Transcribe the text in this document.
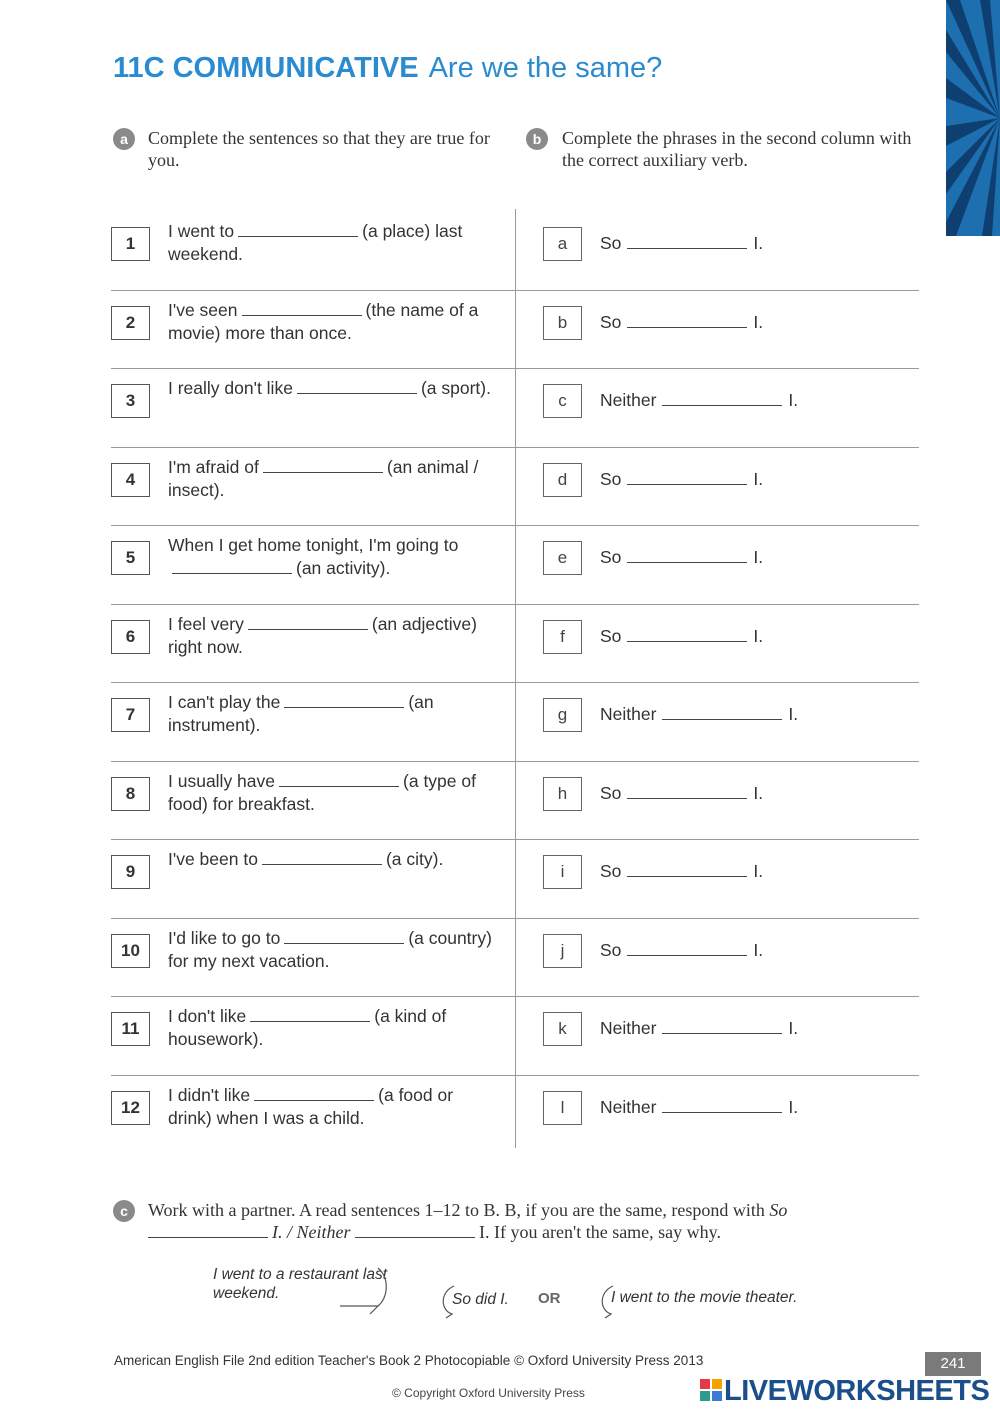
11C COMMUNICATIVE Are we the same?
a	Complete the sentences so that they are true for you.
b	Complete the phrases in the second column with the correct auxiliary verb.
1
I went to	(a place) last weekend.
a	So	I.
2
I've seen	(the name of a movie) more than once.
b	So	I.
3
I really don't like	(a sport).
c	Neither	I.
4
I'm afraid of	(an animal / insect).
d	So	I.
5
When I get home tonight, I'm going to(an activity).
e	So	I.
6
I feel very	(an adjective) right now.
f	So	I.
7
I can't play the	(an instrument).
g	Neither	I.
8
I usually have	(a type of food) for breakfast.
h	So	I.
9
I've been to	(a city).
i	So	I.
10
I'd like to go to	(a country) for my next vacation.
j	So	I.
11
I don't like	(a kind of housework).
k	Neither	I.
12
I didn't like	(a food or drink) when I was a child.
l	Neither	I.
c	Work with a partner. A read sentences 1–12 to B. B, if you are the same, respond with So
I. / Neither	I. If you aren't the same, say why.
I went to a restaurant last weekend.	So did I. OR	I went to the movie theater.
American English File 2nd edition Teacher's Book 2 Photocopiable © Oxford University Press 2013	241
© Copyright Oxford University Press	LIVEWORKSHEETS
